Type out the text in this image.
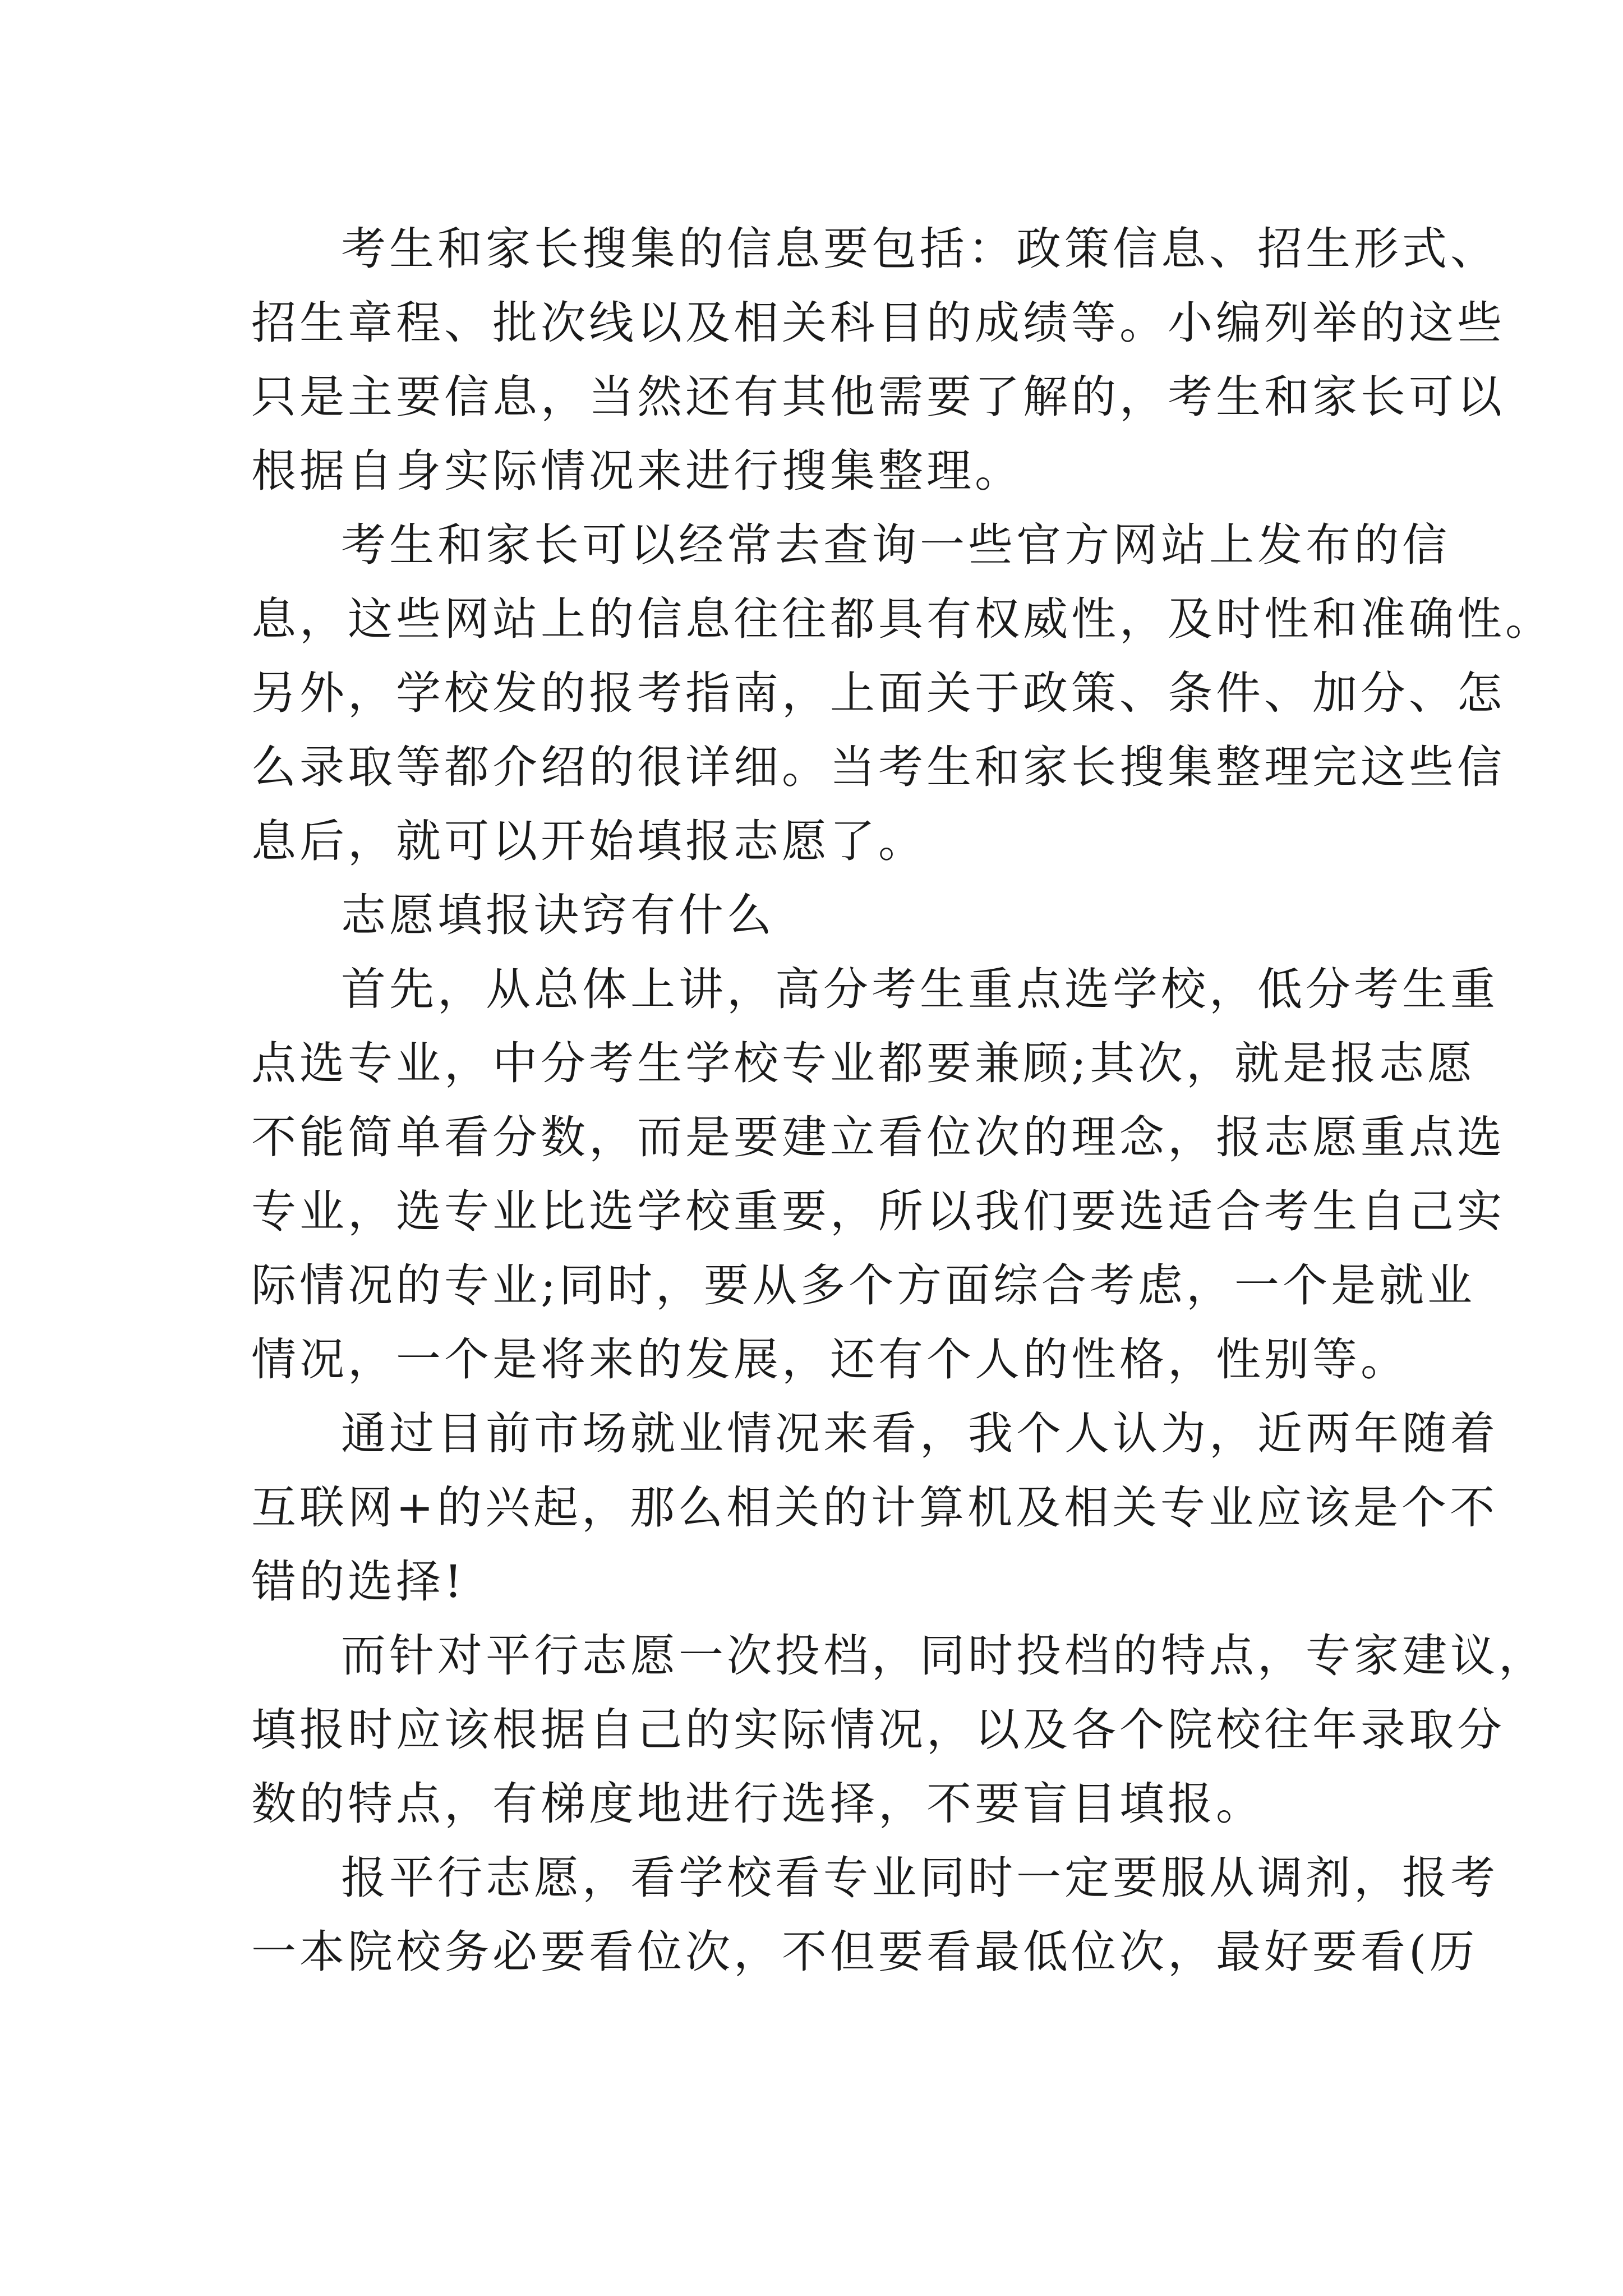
考生和家长搜集的信息要包括：政策信息、招生形式、
招生章程、批次线以及相关科目的成绩等。小编列举的这些
只是主要信息，当然还有其他需要了解的，考生和家长可以
根据自身实际情况来进行搜集整理。
考生和家长可以经常去查询一些官方网站上发布的信
息，这些网站上的信息往往都具有权威性，及时性和准确性。
另外，学校发的报考指南，上面关于政策、条件、加分、怎
么录取等都介绍的很详细。当考生和家长搜集整理完这些信
息后，就可以开始填报志愿了。
志愿填报诀窍有什么
首先，从总体上讲，高分考生重点选学校，低分考生重
点选专业，中分考生学校专业都要兼顾;其次，就是报志愿
不能简单看分数，而是要建立看位次的理念，报志愿重点选
专业，选专业比选学校重要，所以我们要选适合考生自己实
际情况的专业;同时，要从多个方面综合考虑，一个是就业
情况，一个是将来的发展，还有个人的性格，性别等。
通过目前市场就业情况来看，我个人认为，近两年随着
互联网+的兴起，那么相关的计算机及相关专业应该是个不
错的选择!
而针对平行志愿一次投档，同时投档的特点，专家建议，
填报时应该根据自己的实际情况，以及各个院校往年录取分
数的特点，有梯度地进行选择，不要盲目填报。
报平行志愿，看学校看专业同时一定要服从调剂，报考
一本院校务必要看位次，不但要看最低位次，最好要看(历
